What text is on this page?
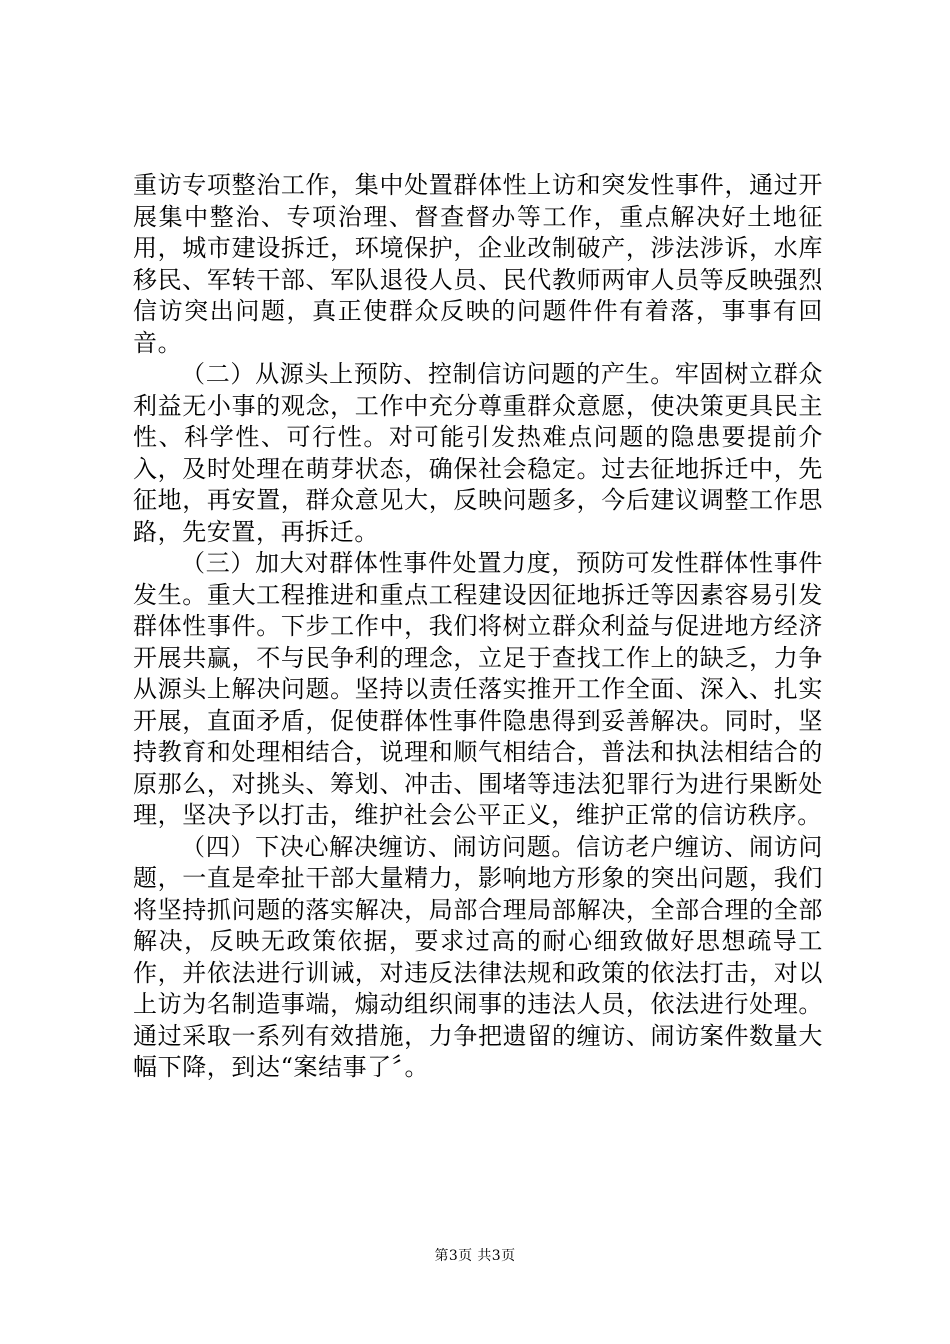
重访专项整治工作，集中处置群体性上访和突发性事件，通过开展集中整治、专项治理、督查督办等工作，重点解决好土地征用，城市建设拆迁，环境保护，企业改制破产，涉法涉诉，水库移民、军转干部、军队退役人员、民代教师两审人员等反映强烈信访突出问题，真正使群众反映的问题件件有着落，事事有回音。

（二）从源头上预防、控制信访问题的产生。牢固树立群众利益无小事的观念，工作中充分尊重群众意愿，使决策更具民主性、科学性、可行性。对可能引发热难点问题的隐患要提前介入，及时处理在萌芽状态，确保社会稳定。过去征地拆迁中，先征地，再安置，群众意见大，反映问题多，今后建议调整工作思路，先安置，再拆迁。

（三）加大对群体性事件处置力度，预防可发性群体性事件发生。重大工程推进和重点工程建设因征地拆迁等因素容易引发群体性事件。下步工作中，我们将树立群众利益与促进地方经济开展共赢，不与民争利的理念，立足于查找工作上的缺乏，力争从源头上解决问题。坚持以责任落实推开工作全面、深入、扎实开展，直面矛盾，促使群体性事件隐患得到妥善解决。同时，坚持教育和处理相结合，说理和顺气相结合，普法和执法相结合的原那么，对挑头、筹划、冲击、围堵等违法犯罪行为进行果断处理，坚决予以打击，维护社会公平正义，维护正常的信访秩序。

（四）下决心解决缠访、闹访问题。信访老户缠访、闹访问题，一直是牵扯干部大量精力，影响地方形象的突出问题，我们将坚持抓问题的落实解决，局部合理局部解决，全部合理的全部解决，反映无政策依据，要求过高的耐心细致做好思想疏导工作，并依法进行训诫，对违反法律法规和政策的依法打击，对以上访为名制造事端，煽动组织闹事的违法人员，依法进行处理。通过采取一系列有效措施，力争把遗留的缠访、闹访案件数量大幅下降，到达“案结事了〞。

第3页 共3页
